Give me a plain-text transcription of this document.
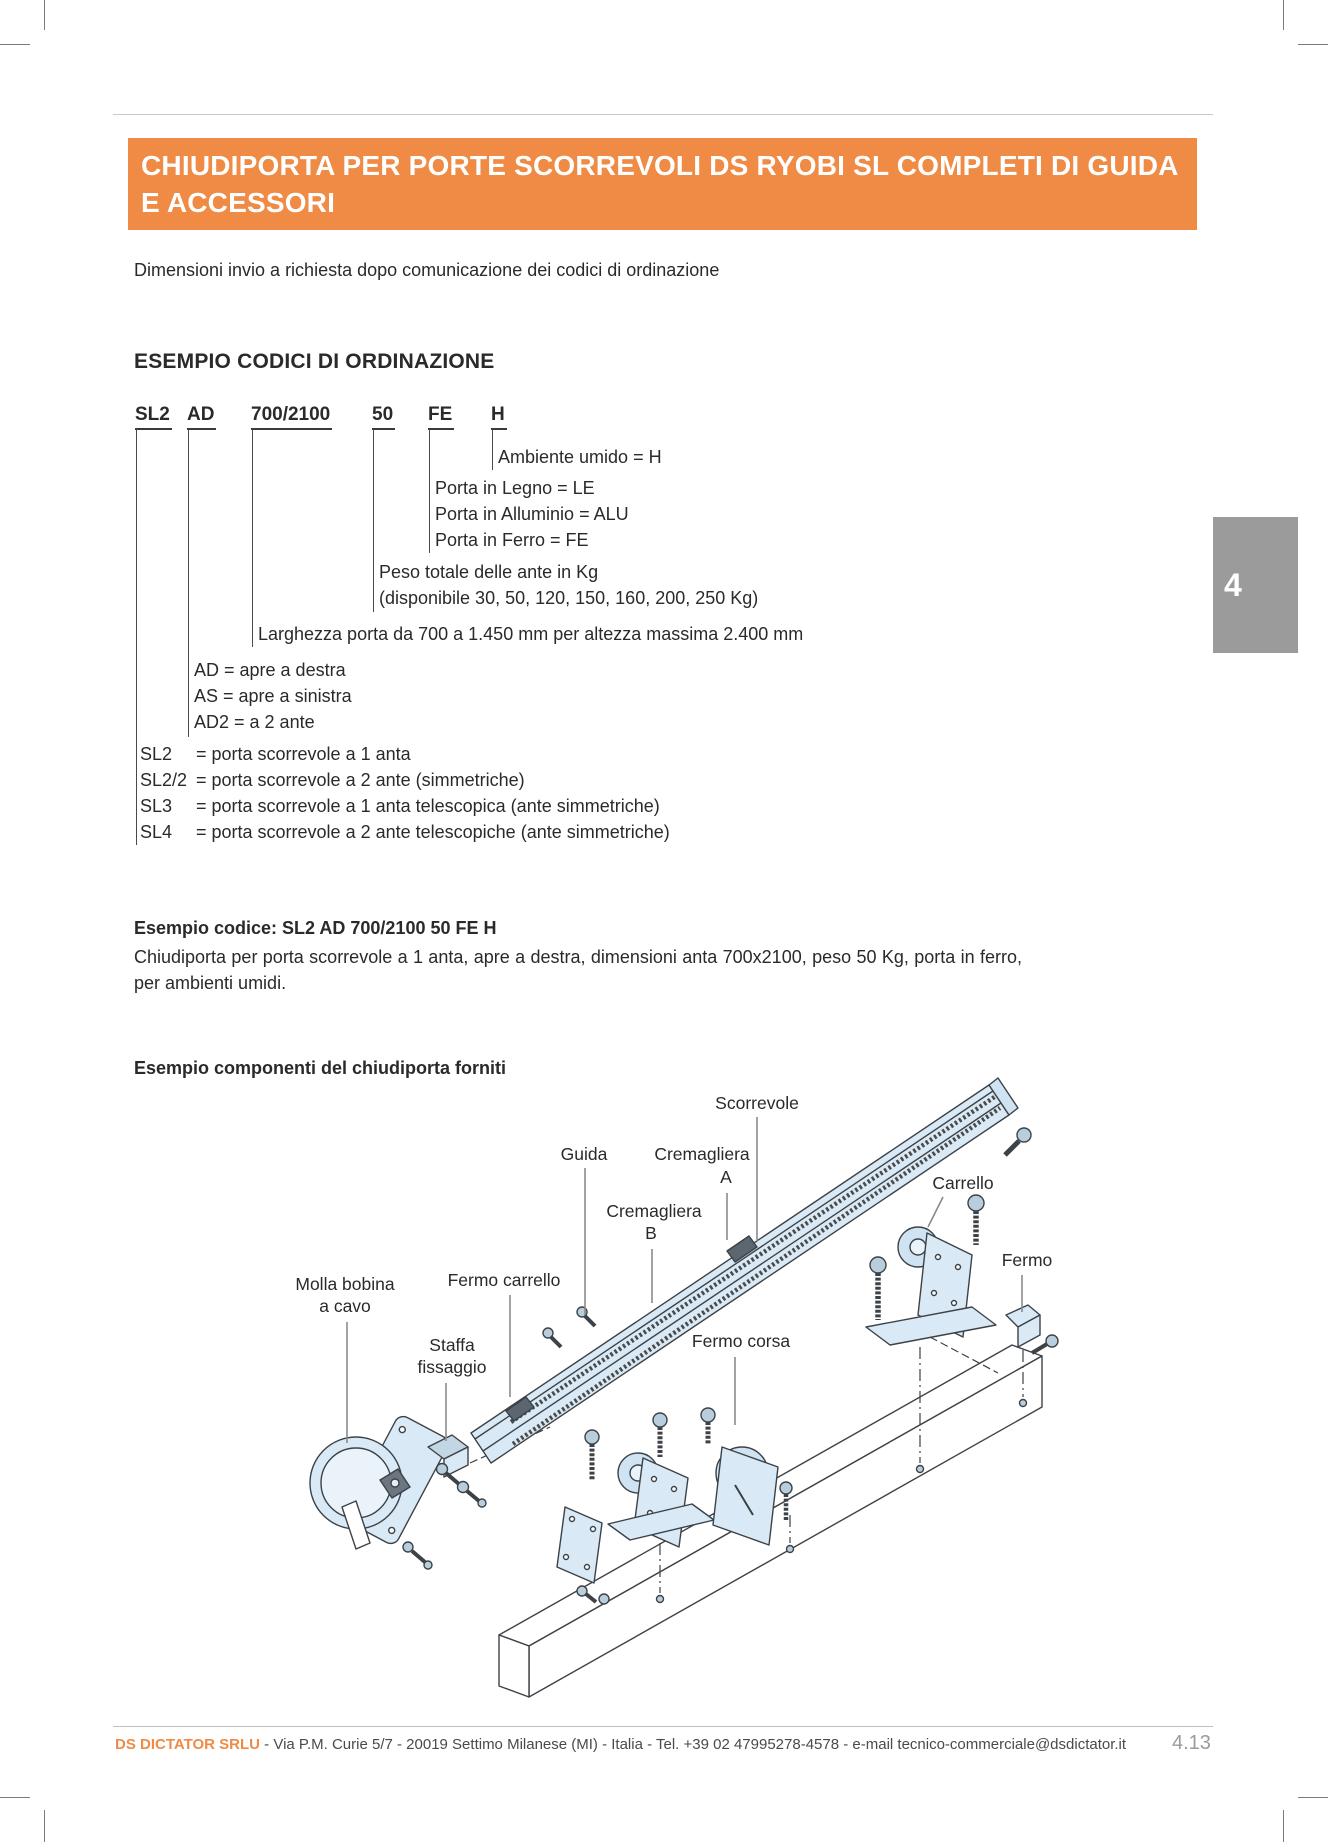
CHIUDIPORTA PER PORTE SCORREVOLI DS RYOBI SL COMPLETI DI GUIDA
E ACCESSORI
Dimensioni invio a richiesta dopo comunicazione dei codici di ordinazione
ESEMPIO CODICI DI ORDINAZIONE
SL2 AD 700/2100 50 FE H
Ambiente umido = H
Porta in Legno = LE
Porta in Alluminio = ALU
Porta in Ferro = FE
Peso totale delle ante in Kg
(disponibile 30, 50, 120, 150, 160, 200, 250 Kg)
Larghezza porta da 700 a 1.450 mm per altezza massima 2.400 mm
AD = apre a destra
AS = apre a sinistra
AD2 = a 2 ante
SL2	= porta scorrevole a 1 anta
SL2/2 = porta scorrevole a 2 ante (simmetriche)
SL3	= porta scorrevole a 1 anta telescopica (ante simmetriche)
SL4	= porta scorrevole a 2 ante telescopiche (ante simmetriche)
Esempio codice: SL2 AD 700/2100 50 FE H
Chiudiporta per porta scorrevole a 1 anta, apre a destra, dimensioni anta 700x2100, peso 50 Kg, porta in ferro, per ambienti umidi.
Esempio componenti del chiudiporta forniti
Scorrevole
Guida	Cremagliera
A
Cremagliera
B
Carrello
Fermo
Molla bobina
a cavo
Fermo carrello
Staffa
fissaggio
Fermo corsa
4
DS DICTATOR SRLU - Via P.M. Curie 5/7 - 20019 Settimo Milanese (MI) - Italia - Tel. +39 02 47995278-4578 - e-mail tecnico-commerciale@dsdictator.it 4.13
